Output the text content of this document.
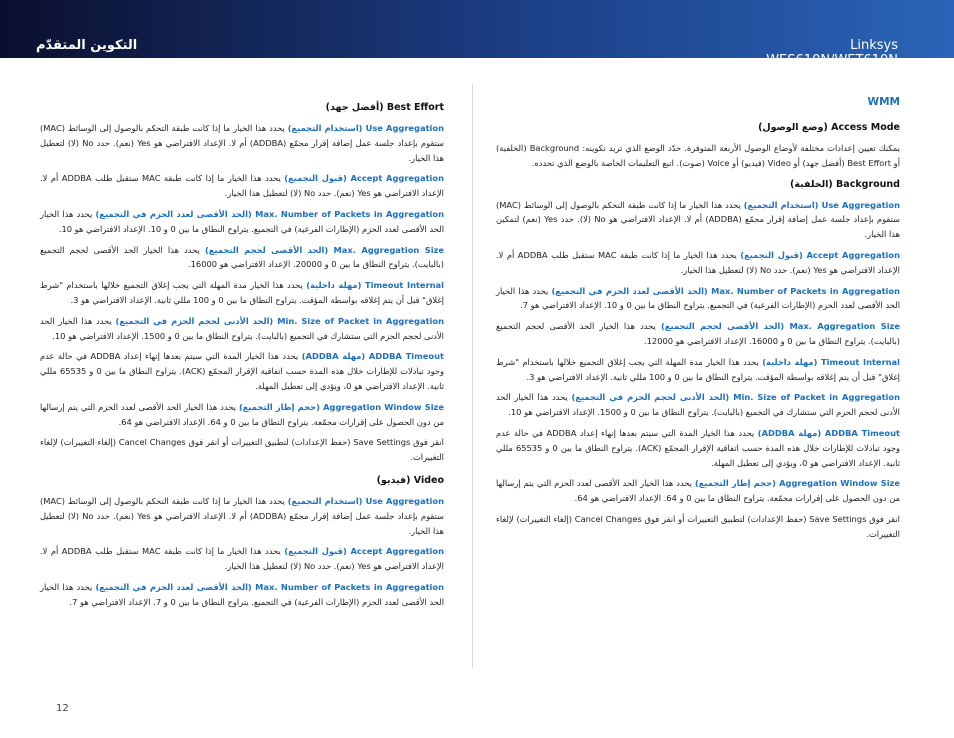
التكوين المتقدّم	Linksys WES610N/WET610N
Best Effort (أفضل جهد)

Use Aggregation (استخدام التجميع) يحدد هذا الخيار ما إذا كانت طبقة التحكم بالوصول إلى الوسائط (MAC) ستقوم بإعداد جلسة عمل إضافة إقرار مجمّع (ADDBA) أم لا. الإعداد الافتراضي هو Yes (نعم). حدد No (لا) لتعطيل هذا الخيار.

Accept Aggregation (قبول التجميع) يحدد هذا الخيار ما إذا كانت طبقة MAC ستقبل طلب ADDBA أم لا. الإعداد الافتراضي هو Yes (نعم). حدد No (لا) لتعطيل هذا الخيار.

Max. Number of Packets in Aggregation (الحد الأقصى لعدد الحزم في التجميع) يحدد هذا الخيار الحد الأقصى لعدد الحزم (الإطارات الفرعية) في التجميع. يتراوح النطاق ما بين 0 و 10. الإعداد الافتراضي هو 10.

Max. Aggregation Size (الحد الأقصى لحجم التجميع) يحدد هذا الخيار الحد الأقصى لحجم التجميع (بالبايت). يتراوح النطاق ما بين 0 و 20000. الإعداد الافتراضي هو 16000.

Timeout Internal (مهلة داخلية) يحدد هذا الخيار مدة المهلة التي يجب إغلاق التجميع خلالها باستخدام "شرط إغلاق" قبل أن يتم إغلاقه بواسطة المؤقت. يتراوح النطاق ما بين 0 و 100 مللي ثانية. الإعداد الافتراضي هو 3.

Min. Size of Packet in Aggregation (الحد الأدنى لحجم الحزم في التجميع) يحدد هذا الخيار الحد الأدنى لحجم الحزم التي ستشارك في التجميع (بالبايت). يتراوح النطاق ما بين 0 و 1500. الإعداد الافتراضي هو 10.

ADDBA Timeout (مهلة ADDBA) يحدد هذا الخيار المدة التي سيتم بعدها إنهاء إعداد ADDBA في حالة عدم وجود تبادلات للإطارات خلال هذه المدة حسب اتفاقية الإقرار المجمّع (ACK). يتراوح النطاق ما بين 0 و 65535 مللي ثانية. الإعداد الافتراضي هو 0، ويؤدي إلى تعطيل المهلة.

Aggregation Window Size (حجم إطار التجميع) يحدد هذا الخيار الحد الأقصى لعدد الحزم التي يتم إرسالها من دون الحصول على إقرارات مجمّعة. يتراوح النطاق ما بين 0 و 64. الإعداد الافتراضي هو 64.

انقر فوق Save Settings (حفظ الإعدادات) لتطبيق التغييرات أو انقر فوق Cancel Changes (إلغاء التغييرات) لإلغاء التغييرات.

Video (فيديو)

Use Aggregation (استخدام التجميع) يحدد هذا الخيار ما إذا كانت طبقة التحكم بالوصول إلى الوسائط (MAC) ستقوم بإعداد جلسة عمل إضافة إقرار مجمّع (ADDBA) أم لا. الإعداد الافتراضي هو Yes (نعم). حدد No (لا) لتعطيل هذا الخيار.

Accept Aggregation (قبول التجميع) يحدد هذا الخيار ما إذا كانت طبقة MAC ستقبل طلب ADDBA أم لا. الإعداد الافتراضي هو Yes (نعم). حدد No (لا) لتعطيل هذا الخيار.

Max. Number of Packets in Aggregation (الحد الأقصى لعدد الحزم في التجميع) يحدد هذا الخيار الحد الأقصى لعدد الحزم (الإطارات الفرعية) في التجميع. يتراوح النطاق ما بين 0 و 7. الإعداد الافتراضي هو 7.

WMM
Access Mode (وضع الوصول)

يمكنك تعيين إعدادات مختلفة لأوضاع الوصول الأربعة المتوفرة. حدّد الوضع الذي تريد تكوينه: Background (الخلفية) أو Best Effort (أفضل جهد) أو Video (فيديو) أو Voice (صوت). اتبع التعليمات الخاصة بالوضع الذي تحدده.

Background (الخلفية)

Use Aggregation (استخدام التجميع) يحدد هذا الخيار ما إذا كانت طبقة التحكم بالوصول إلى الوسائط (MAC) ستقوم بإعداد جلسة عمل إضافة إقرار مجمّع (ADDBA) أم لا. الإعداد الافتراضي هو No (لا). حدد Yes (نعم) لتمكين هذا الخيار.

Accept Aggregation (قبول التجميع) يحدد هذا الخيار ما إذا كانت طبقة MAC ستقبل طلب ADDBA أم لا. الإعداد الافتراضي هو Yes (نعم). حدد No (لا) لتعطيل هذا الخيار.

Max. Number of Packets in Aggregation (الحد الأقصى لعدد الحزم في التجميع) يحدد هذا الخيار الحد الأقصى لعدد الحزم (الإطارات الفرعية) في التجميع. يتراوح النطاق ما بين 0 و 10. الإعداد الافتراضي هو 7.

Max. Aggregation Size (الحد الأقصى لحجم التجميع) يحدد هذا الخيار الحد الأقصى لحجم التجميع (بالبايت). يتراوح النطاق ما بين 0 و 16000. الإعداد الافتراضي هو 12000.

Timeout Internal (مهلة داخلية) يحدد هذا الخيار مدة المهلة التي يجب إغلاق التجميع خلالها باستخدام "شرط إغلاق" قبل أن يتم إغلاقه بواسطة المؤقت. يتراوح النطاق ما بين 0 و 100 مللي ثانية. الإعداد الافتراضي هو 3.

Min. Size of Packet in Aggregation (الحد الأدنى لحجم الحزم في التجميع) يحدد هذا الخيار الحد الأدنى لحجم الحزم التي ستشارك في التجميع (بالبايت). يتراوح النطاق ما بين 0 و 1500. الإعداد الافتراضي هو 10.

ADDBA Timeout (مهلة ADDBA) يحدد هذا الخيار المدة التي سيتم بعدها إنهاء إعداد ADDBA في حالة عدم وجود تبادلات للإطارات خلال هذه المدة حسب اتفاقية الإقرار المجمّع (ACK). يتراوح النطاق ما بين 0 و 65535 مللي ثانية. الإعداد الافتراضي هو 0، ويؤدي إلى تعطيل المهلة.

Aggregation Window Size (حجم إطار التجميع) يحدد هذا الخيار الحد الأقصى لعدد الحزم التي يتم إرسالها من دون الحصول على إقرارات مجمّعة. يتراوح النطاق ما بين 0 و 64. الإعداد الافتراضي هو 64.

انقر فوق Save Settings (حفظ الإعدادات) لتطبيق التغييرات أو انقر فوق Cancel Changes (إلغاء التغييرات) لإلغاء التغييرات.

12
